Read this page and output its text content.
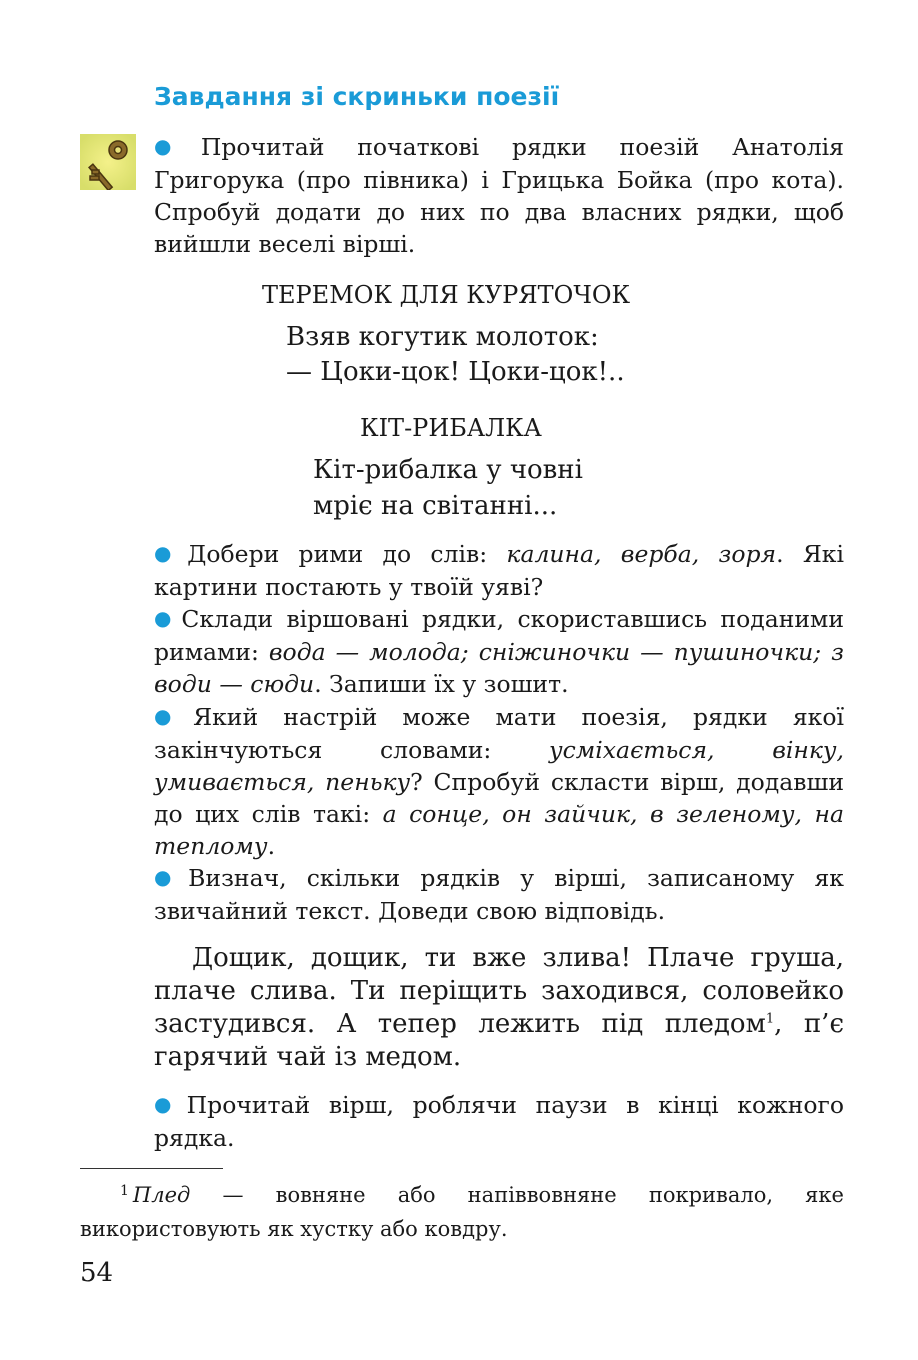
Завдання зі скриньки поезії
● Прочитай початкові рядки поезій Анатолія Григорука (про півника) і Грицька Бойка (про кота). Спробуй додати до них по два власних рядки, щоб вийшли веселі вірші.
ТЕРЕМОК ДЛЯ КУРЯТОЧОК
Взяв когутик молоток:
— Цоки-цок! Цоки-цок!..
КІТ-РИБАЛКА
Кіт-рибалка у човні
мріє на світанні...
● Добери рими до слів: калина, верба, зоря. Які картини постають у твоїй уяві?
● Склади віршовані рядки, скориставшись поданими римами: вода — молода; сніжиночки — пушиночки; з води — сюди. Запиши їх у зошит.
● Який настрій може мати поезія, рядки якої закінчуються словами: усміхається, вінку, умивається, пеньку? Спробуй скласти вірш, додавши до цих слів такі: а сонце, он зайчик, в зеленому, на теплому.
● Визнач, скільки рядків у вірші, записаному як звичайний текст. Доведи свою відповідь.
Дощик, дощик, ти вже злива! Плаче груша, плаче слива. Ти періщить заходився, соловейко застудився. А тепер лежить під пледом$^1$, п’є гарячий чай із медом.
● Прочитай вірш, роблячи паузи в кінці кожного рядка.
$^1$ Плед — вовняне або напіввовняне покривало, яке використовують як хустку або ковдру.
54
